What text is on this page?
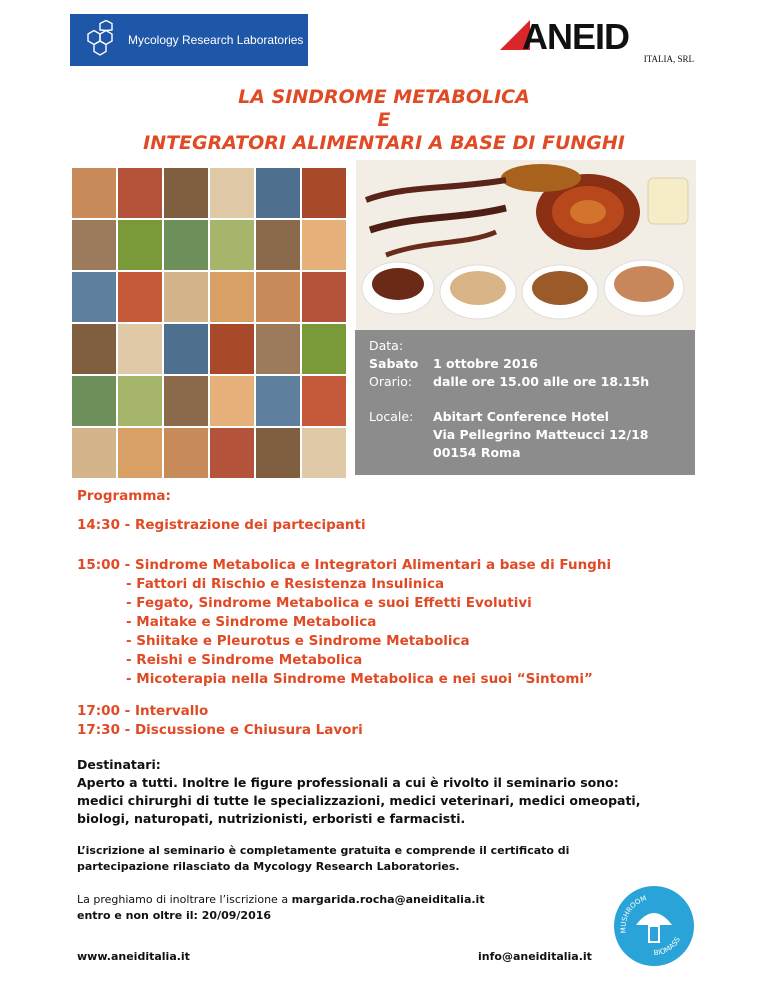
Mycology Research Laboratories	ANEID
ITALIA, SRL
LA SINDROME METABOLICA
E
INTEGRATORI ALIMENTARI A BASE DI FUNGHI
Data:
Sabato 1 ottobre 2016
Orario: dalle ore 15.00 alle ore 18.15h
Locale: Abitart Conference Hotel
Via Pellegrino Matteucci 12/18
00154 Roma
Programma:
14:30 - Registrazione dei partecipanti
15:00 - Sindrome Metabolica e Integratori Alimentari a base di Funghi
- Fattori di Rischio e Resistenza Insulinica
- Fegato, Sindrome Metabolica e suoi Effetti Evolutivi
- Maitake e Sindrome Metabolica
- Shiitake e Pleurotus e Sindrome Metabolica
- Reishi e Sindrome Metabolica
- Micoterapia nella Sindrome Metabolica e nei suoi “Sintomi”
17:00 - Intervallo
17:30 - Discussione e Chiusura Lavori
Destinatari:
Aperto a tutti. Inoltre le figure professionali a cui è rivolto il seminario sono:
medici chirurghi di tutte le specializzazioni, medici veterinari, medici omeopati,
biologi, naturopati, nutrizionisti, erboristi e farmacisti.
L’iscrizione al seminario è completamente gratuita e comprende il certificato di
partecipazione rilasciato da Mycology Research Laboratories.
La preghiamo di inoltrare l’iscrizione a margarida.rocha@aneiditalia.it
entro e non oltre il: 20/09/2016
www.aneiditalia.it	info@aneiditalia.it
MUSHROOM
BIOMASS
